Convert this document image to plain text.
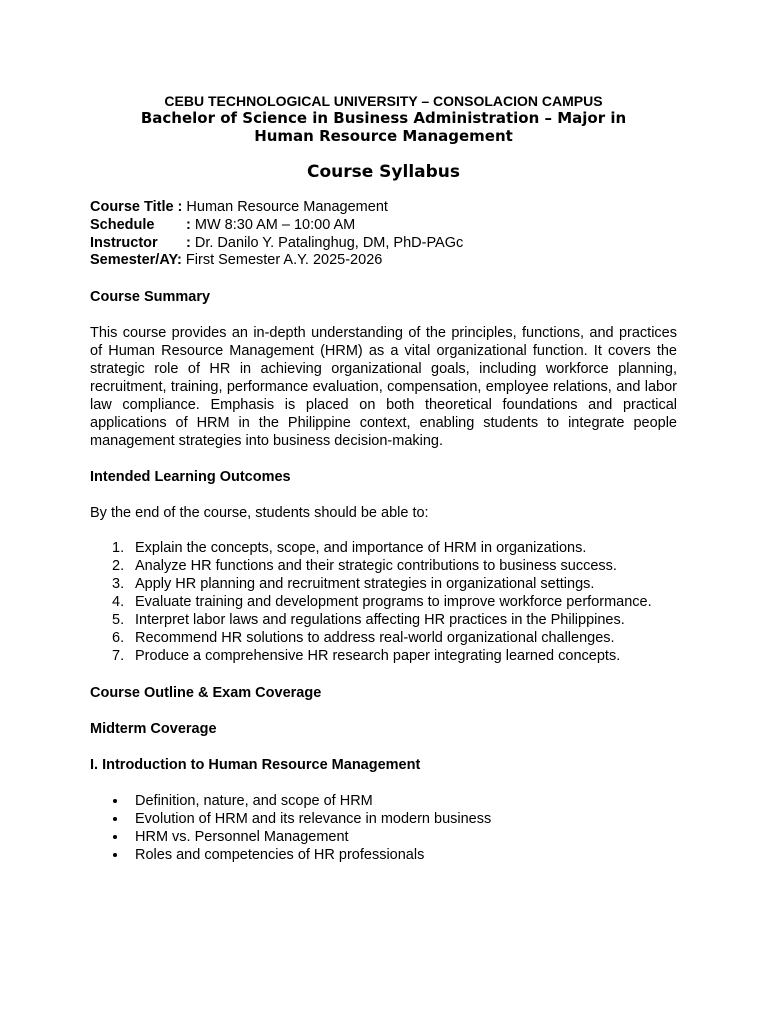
CEBU TECHNOLOGICAL UNIVERSITY – CONSOLACION CAMPUS

Bachelor of Science in Business Administration – Major in Human Resource Management

Course Syllabus
Course Title : Human Resource Management
Schedule : MW 8:30 AM – 10:00 AM
Instructor : Dr. Danilo Y. Patalinghug, DM, PhD-PAGc
Semester/AY: First Semester A.Y. 2025-2026
Course Summary

This course provides an in-depth understanding of the principles, functions, and practices of Human Resource Management (HRM) as a vital organizational function. It covers the strategic role of HR in achieving organizational goals, including workforce planning, recruitment, training, performance evaluation, compensation, employee relations, and labor law compliance. Emphasis is placed on both theoretical foundations and practical applications of HRM in the Philippine context, enabling students to integrate people management strategies into business decision-making.

Intended Learning Outcomes

By the end of the course, students should be able to:

1. Explain the concepts, scope, and importance of HRM in organizations.
2. Analyze HR functions and their strategic contributions to business success.
3. Apply HR planning and recruitment strategies in organizational settings.
4. Evaluate training and development programs to improve workforce performance.
5. Interpret labor laws and regulations affecting HR practices in the Philippines.
6. Recommend HR solutions to address real-world organizational challenges.
7. Produce a comprehensive HR research paper integrating learned concepts.
Course Outline & Exam Coverage
Midterm Coverage
I. Introduction to Human Resource Management
Definition, nature, and scope of HRM
Evolution of HRM and its relevance in modern business
HRM vs. Personnel Management
Roles and competencies of HR professionals
